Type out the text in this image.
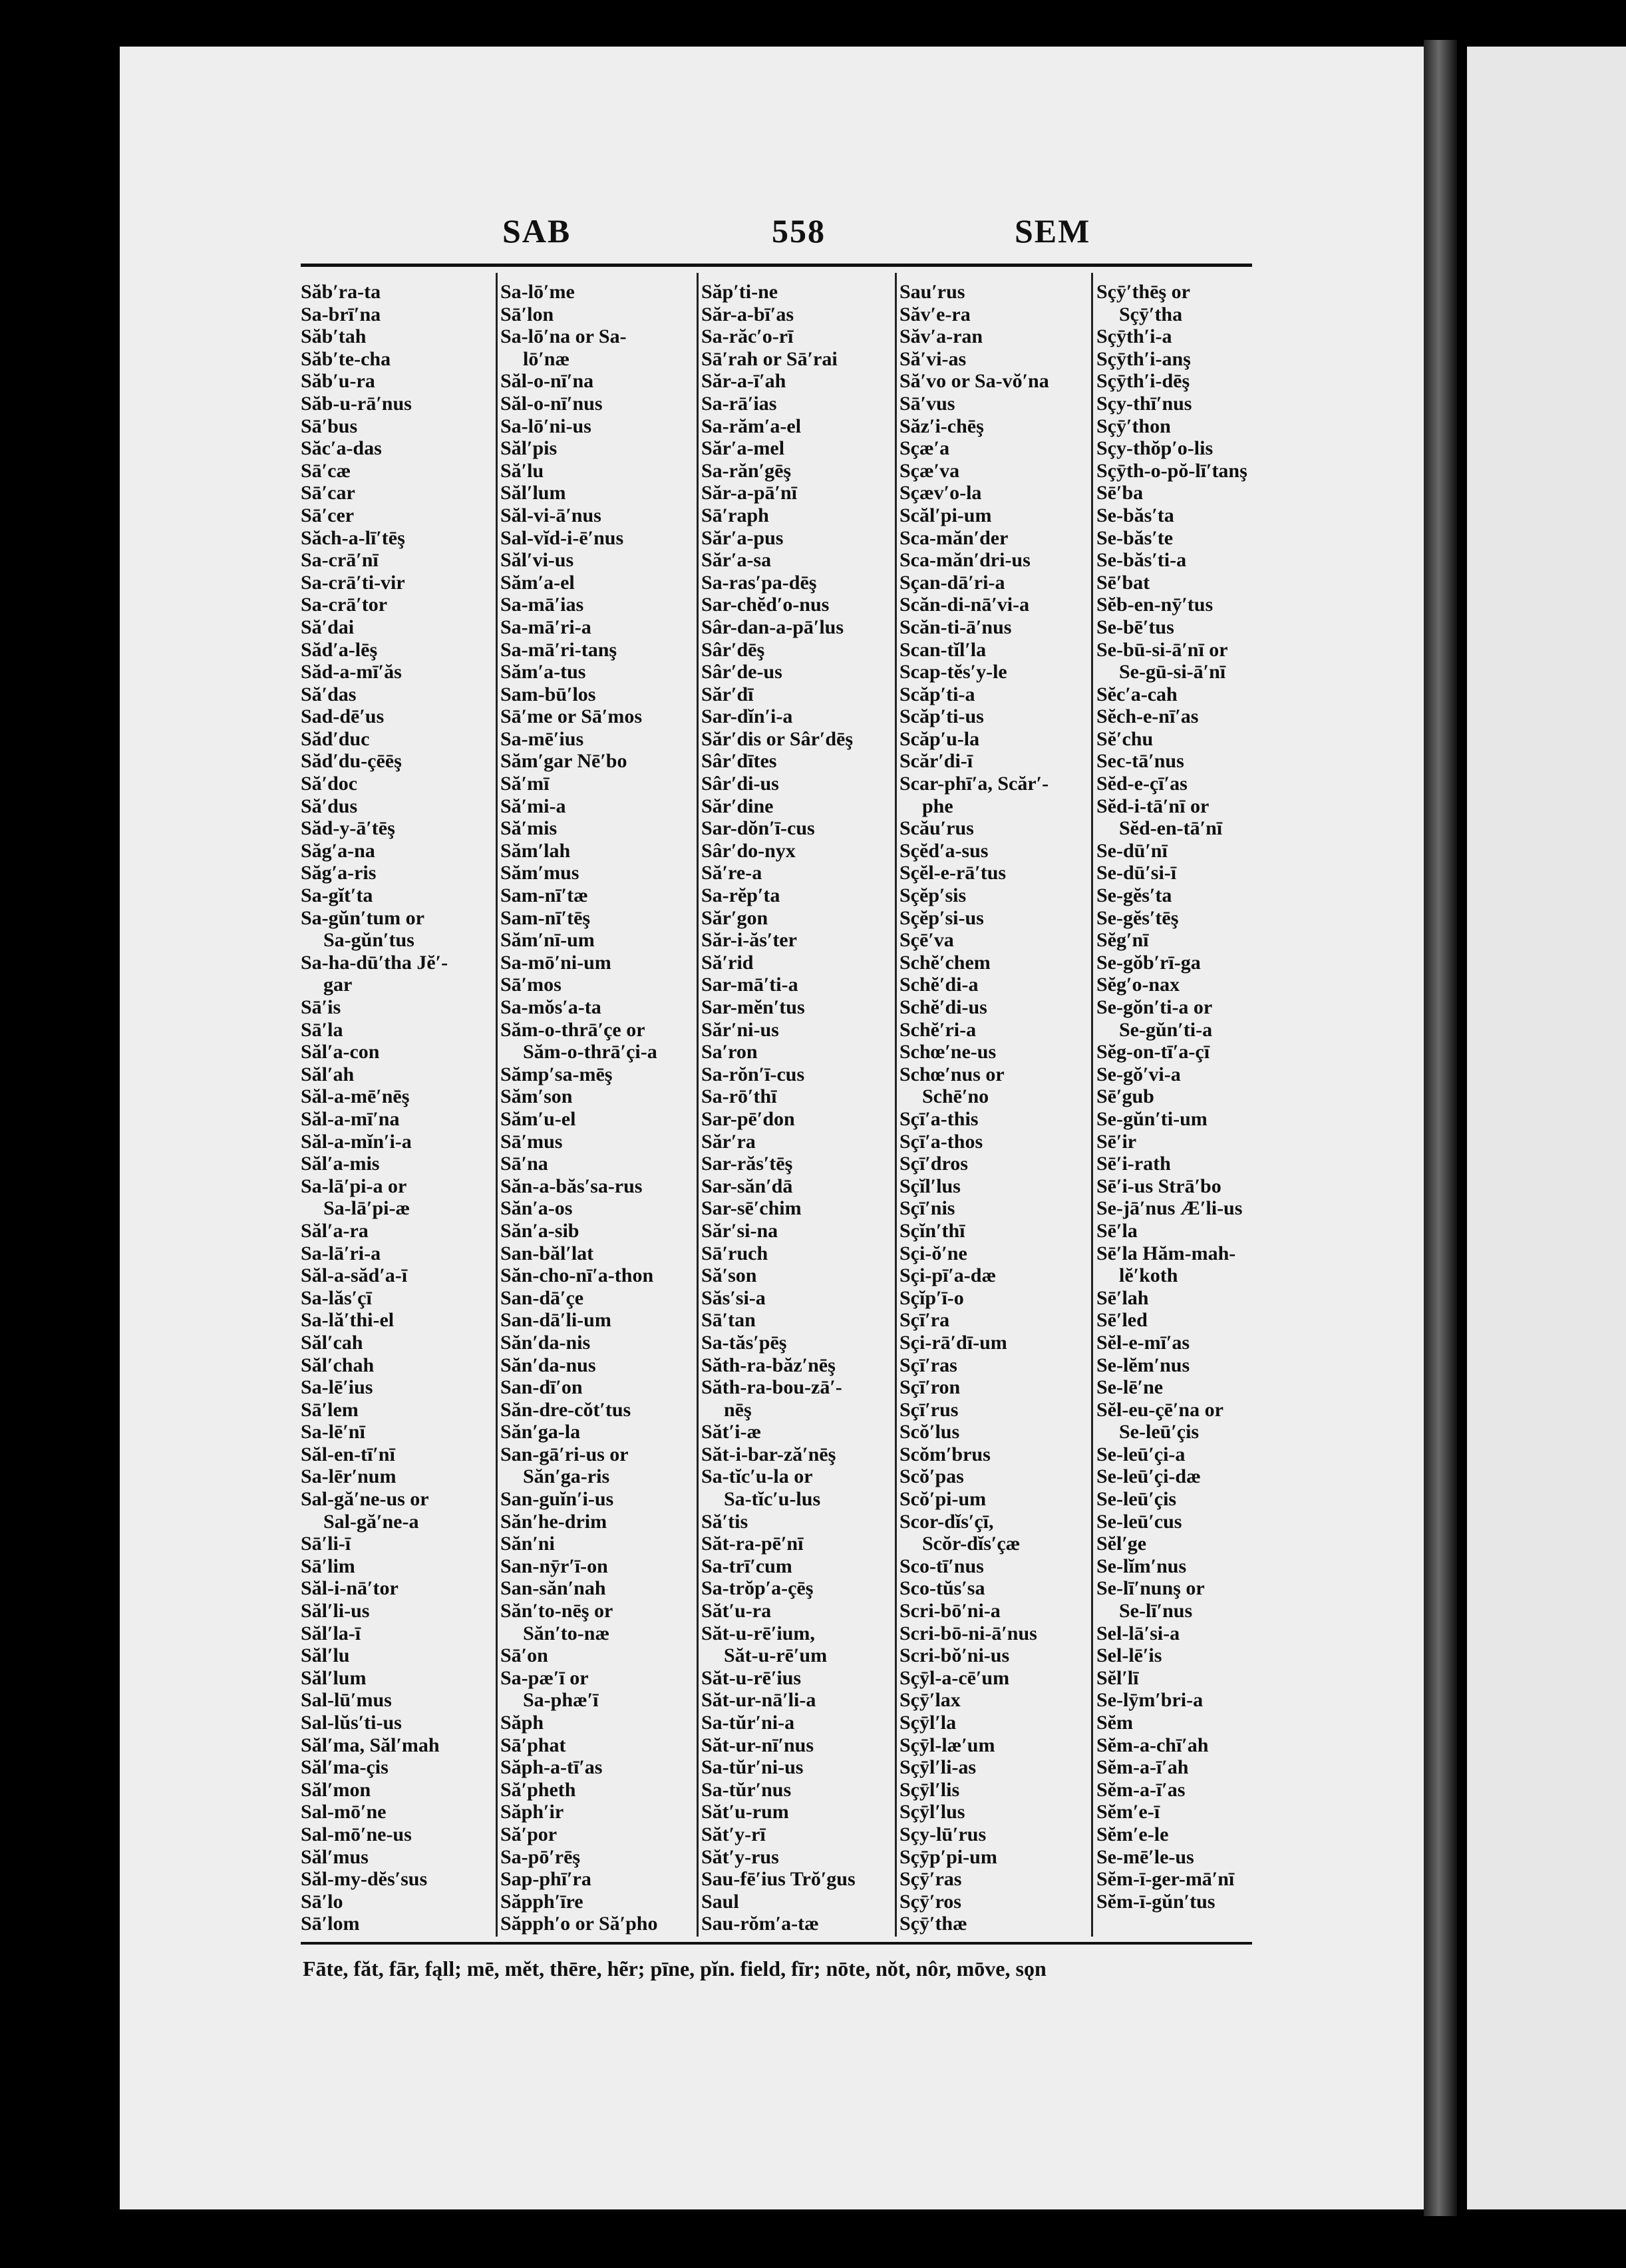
SAB	558	SEM
Săb′ra-ta
Sa-brī′na
Săb′tah
Săb′te-cha
Săb′u-ra
Săb-u-rā′nus
Sā′bus
Săc′a-das
Sā′cæ
Sā′car
Sā′cer
Săch-a-lī′tēş
Sa-crā′nī
Sa-crā′ti-vir
Sa-crā′tor
Să′dai
Săd′a-lēş
Săd-a-mī′ăs
Să′das
Sad-dē′us
Săd′duc
Săd′du-çēēş
Să′doc
Să′dus
Săd-y-ā′tēş
Săg′a-na
Săg′a-ris
Sa-gĭt′ta
Sa-gŭn′tum or
Sa-gŭn′tus
Sa-ha-dū′tha Jĕ′-
gar
Sā′is
Sā′la
Săl′a-con
Săl′ah
Săl-a-mē′nēş
Săl-a-mī′na
Săl-a-mĭn′i-a
Săl′a-mis
Sa-lā′pi-a or
Sa-lā′pi-æ
Săl′a-ra
Sa-lā′ri-a
Săl-a-săd′a-ī
Sa-lăs′çī
Sa-lă′thi-el
Săl′cah
Săl′chah
Sa-lē′ius
Sā′lem
Sa-lē′nī
Săl-en-tī′nī
Sa-lēr′num
Sal-gă′ne-us or
Sal-gă′ne-a
Sā′li-ī
Sā′lim
Săl-i-nā′tor
Săl′li-us
Săl′la-ī
Săl′lu
Săl′lum
Sal-lū′mus
Sal-lŭs′ti-us
Săl′ma, Săl′mah
Săl′ma-çis
Săl′mon
Sal-mō′ne
Sal-mō′ne-us
Săl′mus
Săl-my-dĕs′sus
Sā′lo
Sā′lom
Sa-lō′me
Sā′lon
Sa-lō′na or Sa-
lō′næ
Săl-o-nī′na
Săl-o-nī′nus
Sa-lō′ni-us
Săl′pis
Să′lu
Săl′lum
Săl-vi-ā′nus
Sal-vĭd-i-ē′nus
Săl′vi-us
Săm′a-el
Sa-mā′ias
Sa-mā′ri-a
Sa-mā′ri-tanş
Săm′a-tus
Sam-bū′los
Sā′me or Sā′mos
Sa-mē′ius
Săm′gar Nē′bo
Să′mī
Să′mi-a
Să′mis
Săm′lah
Săm′mus
Sam-nī′tæ
Sam-nī′tēş
Săm′nī-um
Sa-mō′ni-um
Sā′mos
Sa-mŏs′a-ta
Săm-o-thrā′çe or
Săm-o-thrā′çi-a
Sămp′sa-mēş
Săm′son
Săm′u-el
Sā′mus
Sā′na
Săn-a-băs′sa-rus
Săn′a-os
Săn′a-sib
San-băl′lat
Săn-cho-nī′a-thon
San-dā′çe
San-dā′li-um
Săn′da-nis
Săn′da-nus
San-dī′on
Săn-dre-cŏt′tus
Săn′ga-la
San-gā′ri-us or
Săn′ga-ris
San-guĭn′i-us
Săn′he-drim
Săn′ni
San-nȳr′ī-on
San-săn′nah
Săn′to-nēş or
Săn′to-næ
Sā′on
Sa-pæ′ī or
Sa-phæ′ī
Săph
Sā′phat
Săph-a-tī′as
Să′pheth
Săph′ir
Să′por
Sa-pō′rēş
Sap-phī′ra
Săpph′īre
Săpph′o or Să′pho
Săp′ti-ne
Săr-a-bī′as
Sa-răc′o-rī
Sā′rah or Sā′rai
Săr-a-ī′ah
Sa-rā′ias
Sa-răm′a-el
Săr′a-mel
Sa-răn′gēş
Săr-a-pā′nī
Sā′raph
Săr′a-pus
Săr′a-sa
Sa-ras′pa-dēş
Sar-chĕd′o-nus
Sâr-dan-a-pā′lus
Sâr′dēş
Sâr′de-us
Săr′dī
Sar-dĭn′i-a
Săr′dis or Sâr′dēş
Sâr′dītes
Sâr′di-us
Săr′dine
Sar-dŏn′ī-cus
Sâr′do-nyx
Să′re-a
Sa-rĕp′ta
Săr′gon
Săr-i-ăs′ter
Să′rid
Sar-mā′ti-a
Sar-mĕn′tus
Săr′ni-us
Sa′ron
Sa-rŏn′ī-cus
Sa-rō′thī
Sar-pē′don
Săr′ra
Sar-răs′tēş
Sar-săn′dā
Sar-sē′chim
Săr′si-na
Sā′ruch
Să′son
Săs′si-a
Sā′tan
Sa-tăs′pēş
Săth-ra-băz′nēş
Săth-ra-bou-zā′-
nēş
Săt′i-æ
Săt-i-bar-ză′nēş
Sa-tĭc′u-la or
Sa-tĭc′u-lus
Să′tis
Săt-ra-pē′nī
Sa-trī′cum
Sa-trŏp′a-çēş
Săt′u-ra
Săt-u-rē′ium,
Săt-u-rē′um
Săt-u-rē′ius
Săt-ur-nā′li-a
Sa-tŭr′ni-a
Săt-ur-nī′nus
Sa-tŭr′ni-us
Sa-tŭr′nus
Săt′u-rum
Săt′y-rī
Săt′y-rus
Sau-fē′ius Trŏ′gus
Saul
Sau-rŏm′a-tæ
Sau′rus
Săv′e-ra
Săv′a-ran
Să′vi-as
Să′vo or Sa-vŏ′na
Sā′vus
Săz′i-chēş
Sçæ′a
Sçæ′va
Sçæv′o-la
Scăl′pi-um
Sca-măn′der
Sca-măn′dri-us
Sçan-dā′ri-a
Scăn-di-nā′vi-a
Scăn-ti-ā′nus
Scan-tĭl′la
Scap-tĕs′y-le
Scăp′ti-a
Scăp′ti-us
Scăp′u-la
Scăr′di-ī
Scar-phī′a, Scăr′-
phe
Scău′rus
Sçĕd′a-sus
Sçĕl-e-rā′tus
Sçĕp′sis
Sçĕp′si-us
Sçē′va
Schĕ′chem
Schĕ′di-a
Schĕ′di-us
Schĕ′ri-a
Schœ′ne-us
Schœ′nus or
Schē′no
Sçī′a-this
Sçī′a-thos
Sçī′dros
Sçĭl′lus
Sçī′nis
Sçĭn′thī
Sçi-ŏ′ne
Sçi-pī′a-dæ
Sçĭp′ī-o
Sçī′ra
Sçi-rā′dī-um
Sçī′ras
Sçī′ron
Sçī′rus
Scŏ′lus
Scŏm′brus
Scŏ′pas
Scŏ′pi-um
Scor-dĭs′çī,
Scŏr-dĭs′çæ
Sco-tī′nus
Sco-tŭs′sa
Scri-bō′ni-a
Scri-bō-ni-ā′nus
Scri-bŏ′ni-us
Sçȳl-a-cē′um
Sçȳ′lax
Sçȳl′la
Sçȳl-læ′um
Sçȳl′li-as
Sçȳl′lis
Sçȳl′lus
Sçy-lū′rus
Sçȳp′pi-um
Sçȳ′ras
Sçȳ′ros
Sçȳ′thæ
Sçȳ′thēş or
Sçȳ′tha
Sçȳth′i-a
Sçȳth′i-anş
Sçȳth′i-dēş
Sçy-thī′nus
Sçȳ′thon
Sçy-thŏp′o-lis
Sçȳth-o-pŏ-lī′tanş
Sē′ba
Se-băs′ta
Se-băs′te
Se-băs′ti-a
Sē′bat
Sĕb-en-nȳ′tus
Se-bē′tus
Se-bū-si-ā′nī or
Se-gū-si-ā′nī
Sĕc′a-cah
Sĕch-e-nī′as
Sĕ′chu
Sec-tā′nus
Sĕd-e-çī′as
Sĕd-i-tā′nī or
Sĕd-en-tā′nī
Se-dū′nī
Se-dū′si-ī
Se-gĕs′ta
Se-gĕs′tēş
Sĕg′nī
Se-gŏb′rī-ga
Sĕg′o-nax
Se-gŏn′ti-a or
Se-gŭn′ti-a
Sĕg-on-tī′a-çī
Se-gŏ′vi-a
Sē′gub
Se-gŭn′ti-um
Sē′ir
Sē′i-rath
Sē′i-us Strā′bo
Se-jā′nus Æ′li-us
Sē′la
Sē′la Hăm-mah-
lĕ′koth
Sē′lah
Sē′led
Sĕl-e-mī′as
Se-lĕm′nus
Se-lē′ne
Sĕl-eu-çē′na or
Se-leū′çis
Se-leū′çi-a
Se-leū′çi-dæ
Se-leū′çis
Se-leū′cus
Sĕl′ge
Se-lĭm′nus
Se-lī′nunş or
Se-lī′nus
Sel-lā′si-a
Sel-lē′is
Sĕl′lī
Se-lȳm′bri-a
Sĕm
Sĕm-a-chī′ah
Sĕm-a-ī′ah
Sĕm-a-ī′as
Sĕm′e-ī
Sĕm′e-le
Se-mē′le-us
Sĕm-ī-ger-mā′nī
Sĕm-ī-gŭn′tus
Fāte, făt, fār, fąll; mē, mĕt, thēre, hẽr; pīne, pĭn. field, fīr; nōte, nŏt, nôr, mōve, sǫn
